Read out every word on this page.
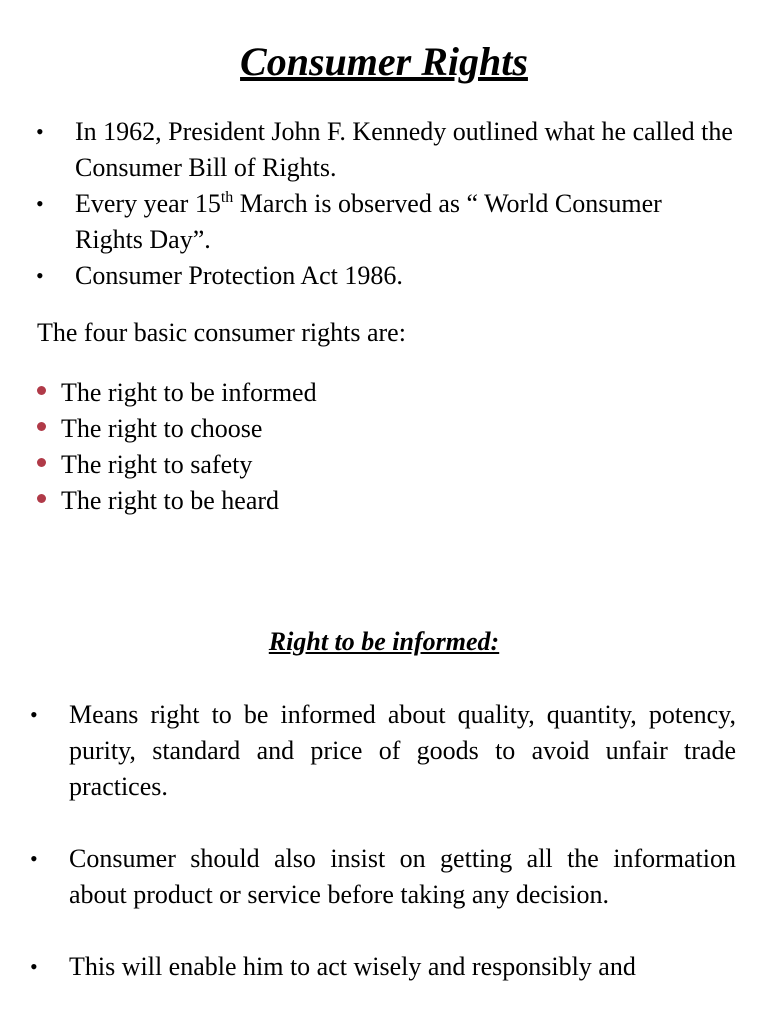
Consumer Rights
• In 1962, President John F. Kennedy outlined what he called the Consumer Bill of Rights.
• Every year 15th March is observed as “ World Consumer Rights Day”.
• Consumer Protection Act 1986.

The four basic consumer rights are:

The right to be informed
The right to choose
The right to safety
The right to be heard
Right to be informed:
• Means right to be informed about quality, quantity, potency, purity, standard and price of goods to avoid unfair trade practices.
• Consumer should also insist on getting all the information about product or service before taking any decision.
• This will enable him to act wisely and responsibly and
